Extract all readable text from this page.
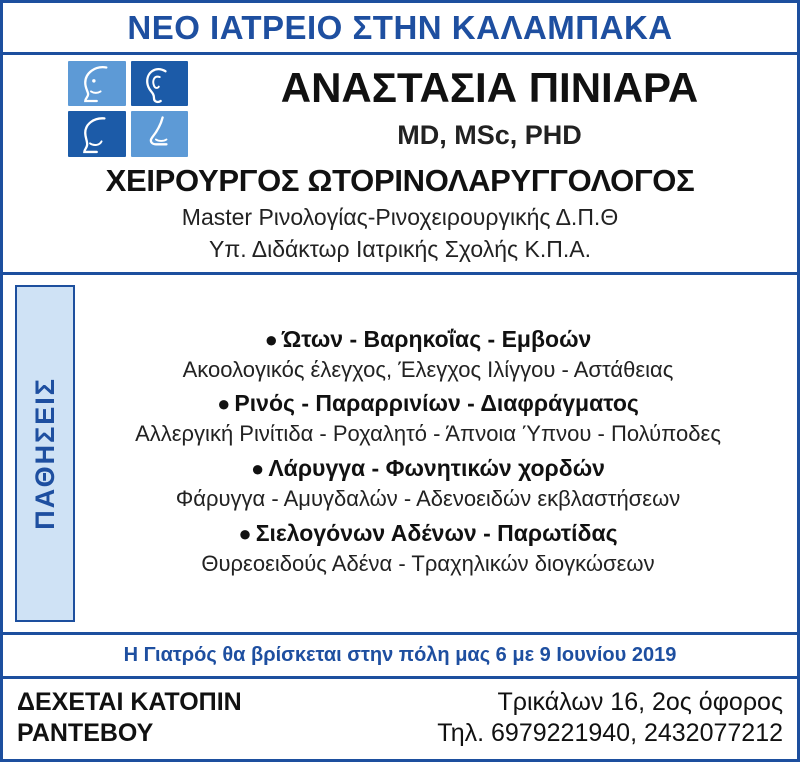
ΝΕΟ ΙΑΤΡΕΙΟ ΣΤΗΝ ΚΑΛΑΜΠΑΚΑ
ΑΝΑΣΤΑΣΙΑ ΠΙΝΙΑΡΑ
MD, MSc, PHD
ΧΕΙΡΟΥΡΓΟΣ ΩΤΟΡΙΝΟΛΑΡΥΓΓΟΛΟΓΟΣ
Master Ρινολογίας-Ρινοχειρουργικής Δ.Π.Θ
Υπ. Διδάκτωρ Ιατρικής Σχολής Κ.Π.Α.
ΠΑΘΗΣΕΙΣ
● Ώτων - Βαρηκοΐας - Εμβοών
Ακοολογικός έλεγχος, Έλεγχος Ιλίγγου - Αστάθειας
● Ρινός - Παραρρινίων - Διαφράγματος
Αλλεργική Ρινίτιδα - Ροχαλητό - Άπνοια Ύπνου - Πολύποδες
● Λάρυγγα - Φωνητικών χορδών
Φάρυγγα - Αμυγδαλών - Αδενοειδών εκβλαστήσεων
● Σιελογόνων Αδένων - Παρωτίδας
Θυρεοειδούς Αδένα - Τραχηλικών διογκώσεων
Η Γιατρός θα βρίσκεται στην πόλη μας 6 με 9 Ιουνίου 2019
ΔΕΧΕΤΑΙ ΚΑΤΟΠΙΝ
ΡΑΝΤΕΒΟΥ
Τρικάλων 16, 2ος όφορος
Τηλ. 6979221940, 2432077212
